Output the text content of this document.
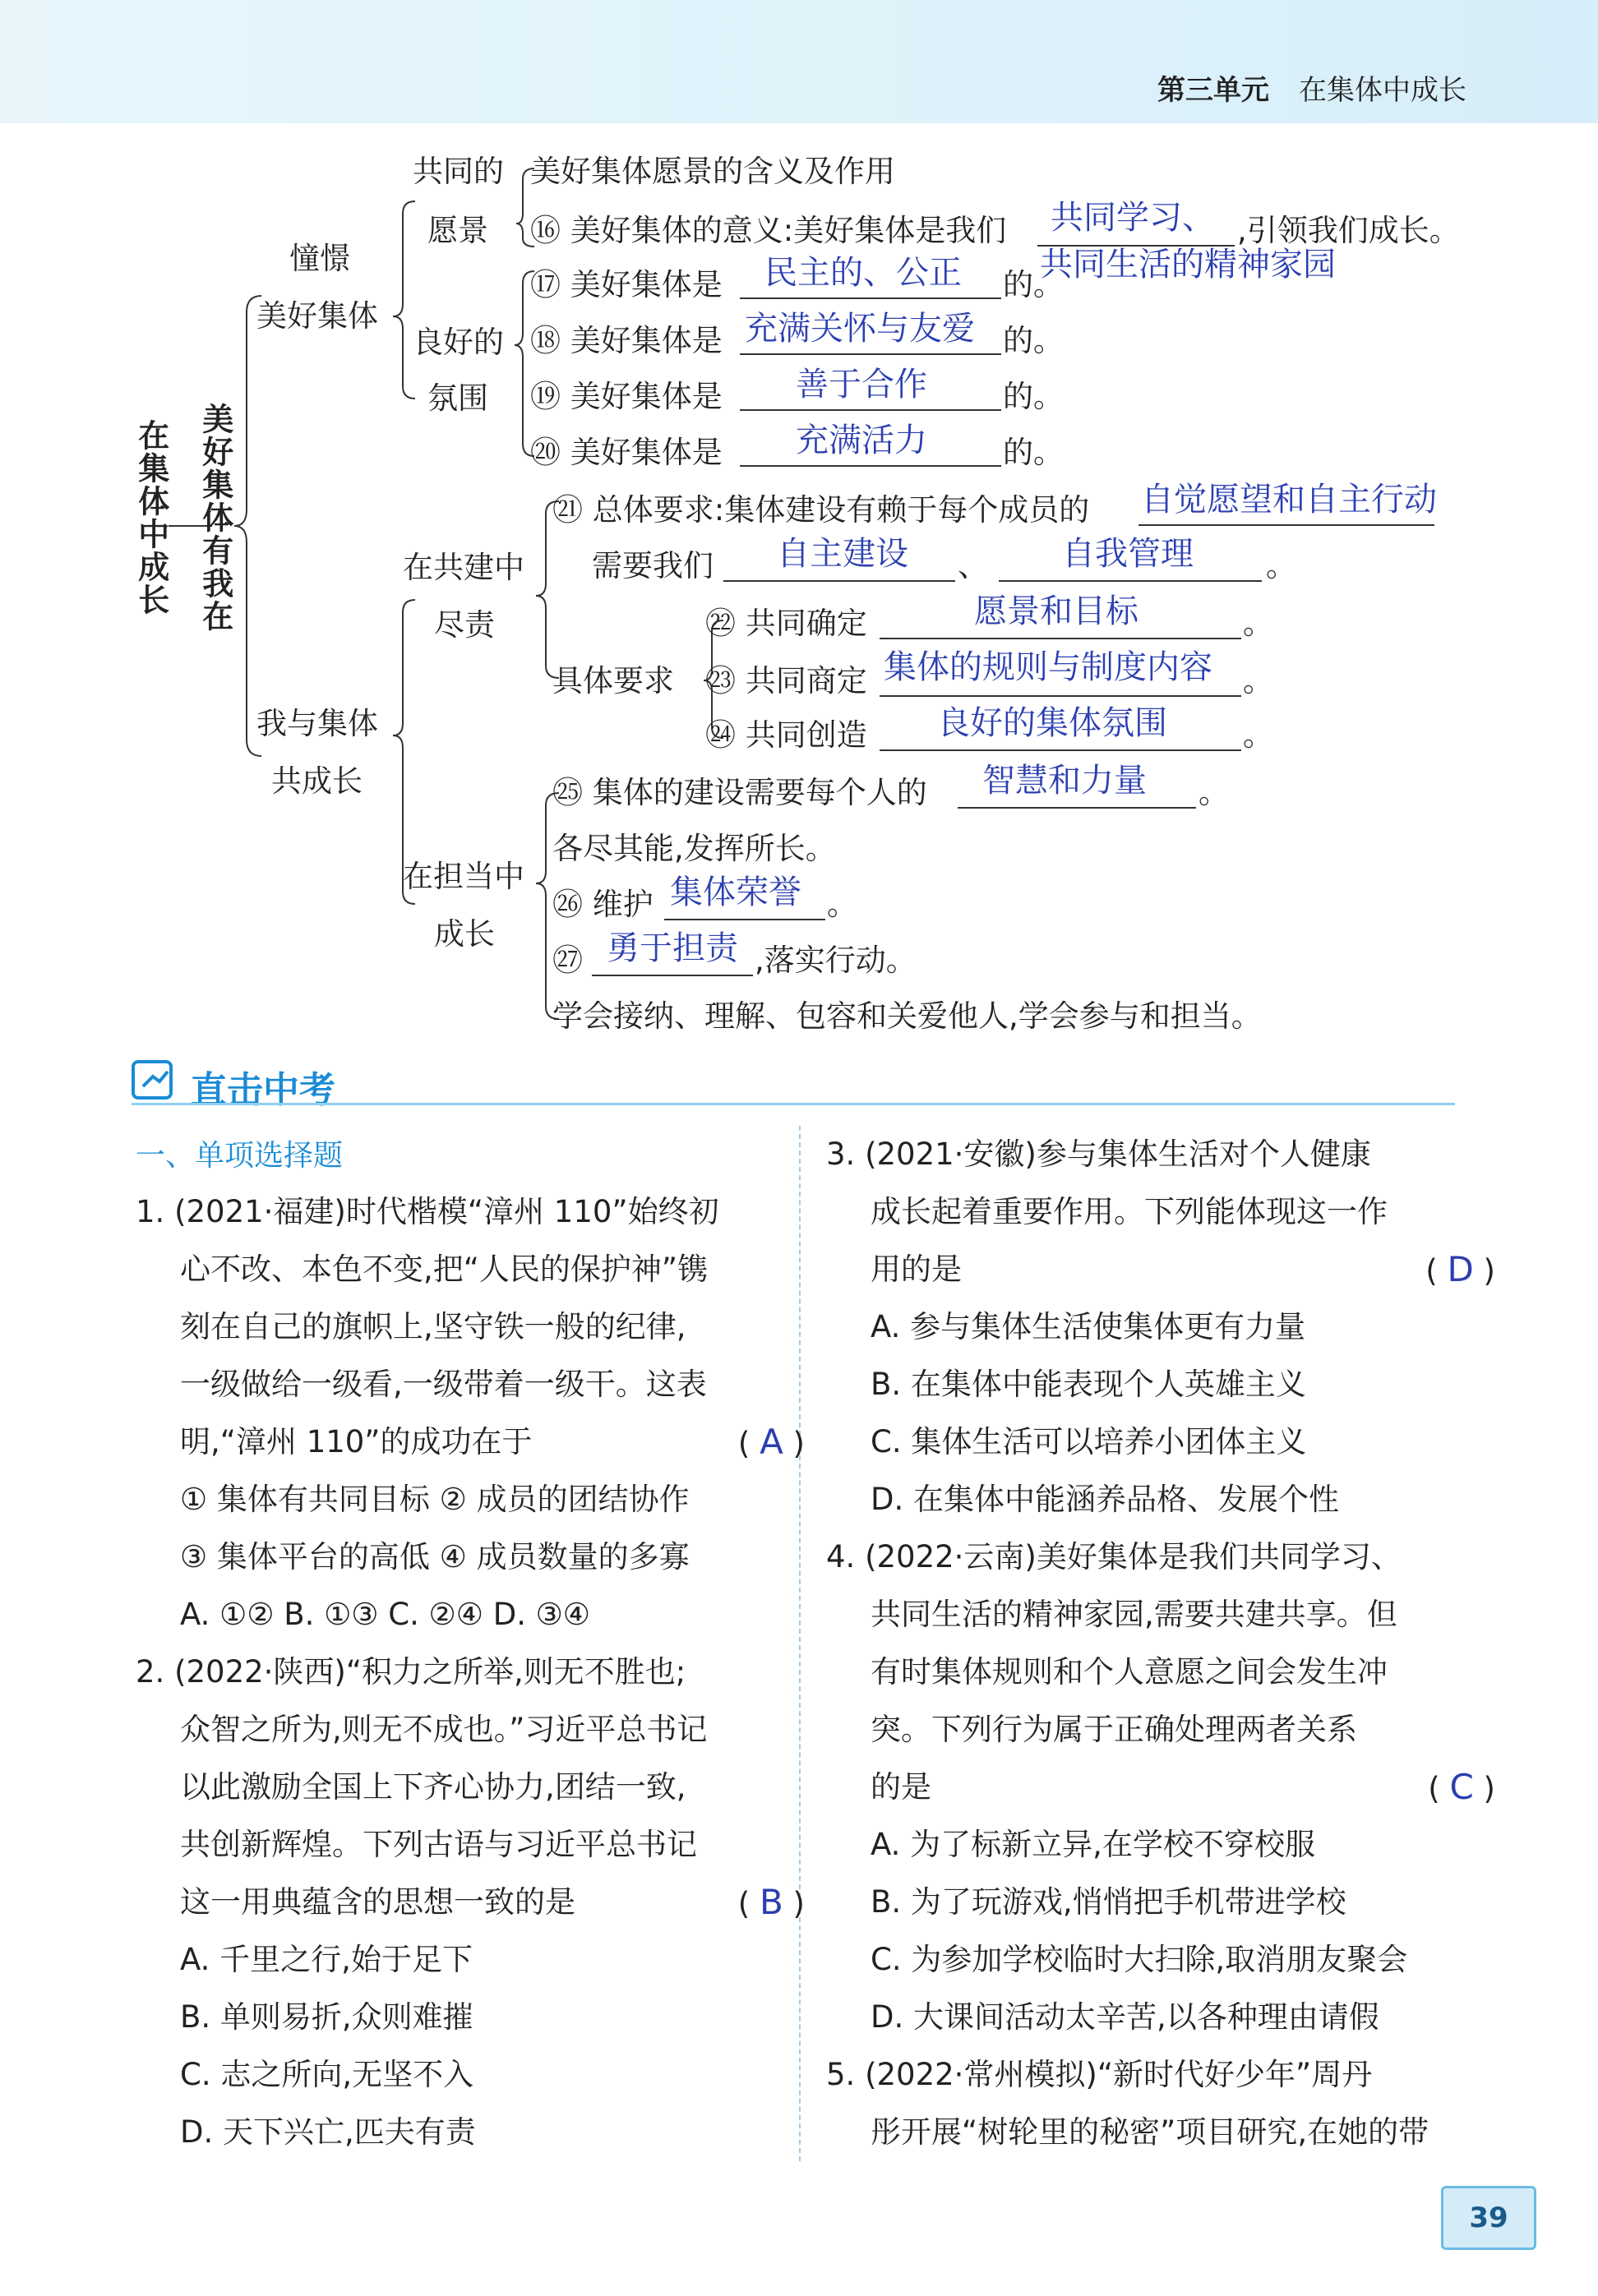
第三单元 在集体中成长
在集体中成长 美好集体有我在
憧憬
美好集体
共同的
愿景
美好集体愿景的含义及作用
⑯ 美好集体的意义:美好集体是我们 共同学习、 ,引领我们成长。
共同生活的精神家园
良好的
氛围
⑰ 美好集体是 民主的、公正 的。
⑱ 美好集体是 充满关怀与友爱 的。
⑲ 美好集体是 善于合作 的。
⑳ 美好集体是 充满活力 的。
我与集体
共成长
在共建中
尽责
㉑ 总体要求:集体建设有赖于每个成员的 自觉愿望和自主行动
需要我们 自主建设 、 自我管理 。
具体要求
㉒ 共同确定	愿景和目标	。
㉓ 共同商定 集体的规则与制度内容 。
㉔ 共同创造 良好的集体氛围 。
在担当中
成长
㉕ 集体的建设需要每个人的 智慧和力量 。
各尽其能,发挥所长。
㉖ 维护 集体荣誉 。
㉗ 勇于担责 ,落实行动。
学会接纳、理解、包容和关爱他人,学会参与和担当。
直击中考
一、单项选择题
1. (2021·福建)时代楷模“漳州 110”始终初
心不改、本色不变,把“人民的保护神”镌
刻在自己的旗帜上,坚守铁一般的纪律,
一级做给一级看,一级带着一级干。这表
明,“漳州 110”的成功在于	( A )
① 集体有共同目标 ② 成员的团结协作
③ 集体平台的高低 ④ 成员数量的多寡
A. ①② B. ①③ C. ②④ D. ③④
2. (2022·陕西)“积力之所举,则无不胜也;
众智之所为,则无不成也。”习近平总书记
以此激励全国上下齐心协力,团结一致,
共创新辉煌。下列古语与习近平总书记
这一用典蕴含的思想一致的是	( B )
A. 千里之行,始于足下
B. 单则易折,众则难摧
C. 志之所向,无坚不入
D. 天下兴亡,匹夫有责
3. (2021·安徽)参与集体生活对个人健康
成长起着重要作用。下列能体现这一作
用的是	( D )
A. 参与集体生活使集体更有力量
B. 在集体中能表现个人英雄主义
C. 集体生活可以培养小团体主义
D. 在集体中能涵养品格、发展个性
4. (2022·云南)美好集体是我们共同学习、
共同生活的精神家园,需要共建共享。但
有时集体规则和个人意愿之间会发生冲
突。下列行为属于正确处理两者关系
的是	( C )
A. 为了标新立异,在学校不穿校服
B. 为了玩游戏,悄悄把手机带进学校
C. 为参加学校临时大扫除,取消朋友聚会
D. 大课间活动太辛苦,以各种理由请假
5. (2022·常州模拟)“新时代好少年”周丹
彤开展“树轮里的秘密”项目研究,在她的带
39
